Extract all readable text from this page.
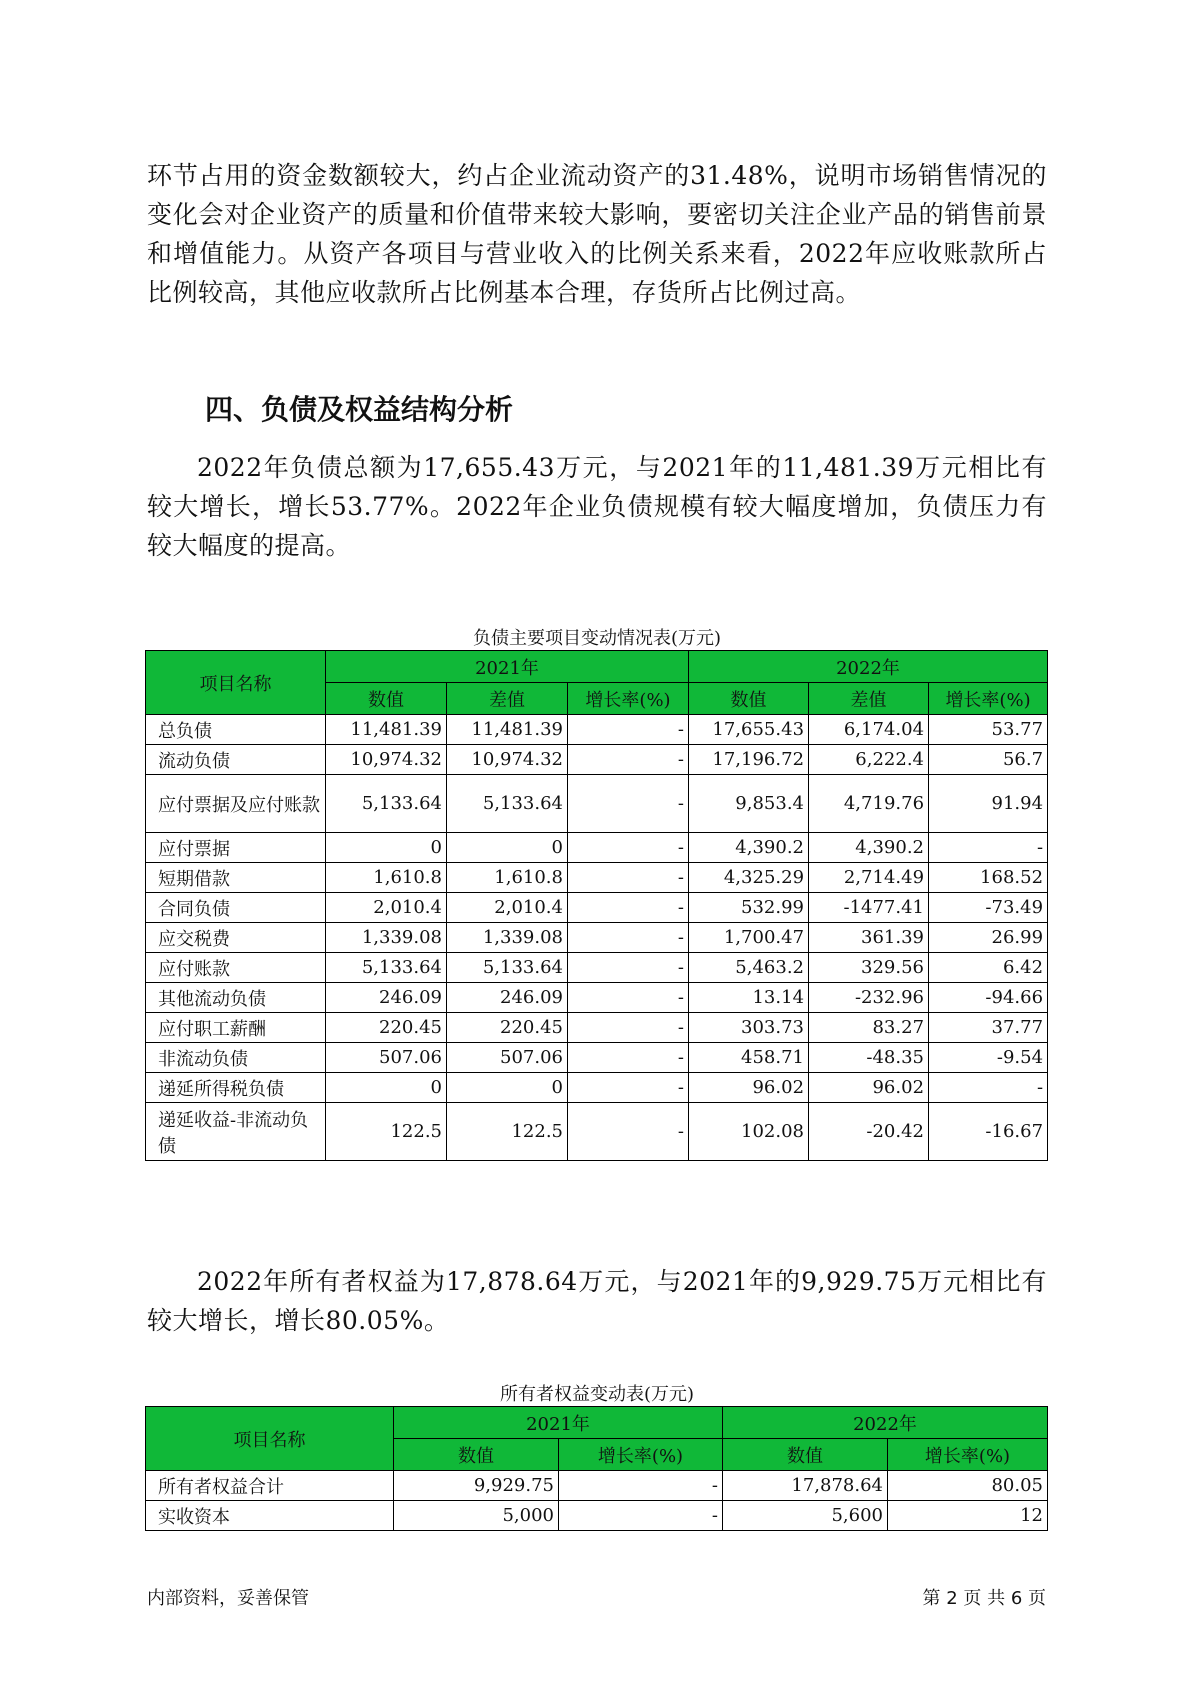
环节占用的资金数额较大，约占企业流动资产的31.48%，说明市场销售情况的变化会对企业资产的质量和价值带来较大影响，要密切关注企业产品的销售前景和增值能力。从资产各项目与营业收入的比例关系来看，2022年应收账款所占比例较高，其他应收款所占比例基本合理，存货所占比例过高。

四、负债及权益结构分析

2022年负债总额为17,655.43万元，与2021年的11,481.39万元相比有较大增长，增长53.77%。2022年企业负债规模有较大幅度增加，负债压力有较大幅度的提高。

负债主要项目变动情况表(万元)
项目名称	2021年			2022年		
	数值	差值	增长率(%)	数值	差值	增长率(%)
总负债	11,481.39	11,481.39	-	17,655.43	6,174.04	53.77
流动负债	10,974.32	10,974.32	-	17,196.72	6,222.4	56.7
应付票据及应付账款	5,133.64	5,133.64	-	9,853.4	4,719.76	91.94
应付票据	0	0	-	4,390.2	4,390.2	-
短期借款	1,610.8	1,610.8	-	4,325.29	2,714.49	168.52
合同负债	2,010.4	2,010.4	-	532.99	-1477.41	-73.49
应交税费	1,339.08	1,339.08	-	1,700.47	361.39	26.99
应付账款	5,133.64	5,133.64	-	5,463.2	329.56	6.42
其他流动负债	246.09	246.09	-	13.14	-232.96	-94.66
应付职工薪酬	220.45	220.45	-	303.73	83.27	37.77
非流动负债	507.06	507.06	-	458.71	-48.35	-9.54
递延所得税负债	0	0	-	96.02	96.02	-
递延收益-非流动负债	122.5	122.5	-	102.08	-20.42	-16.67

2022年所有者权益为17,878.64万元，与2021年的9,929.75万元相比有较大增长，增长80.05%。

所有者权益变动表(万元)
项目名称	2021年		2022年	
	数值	增长率(%)	数值	增长率(%)
所有者权益合计	9,929.75	-	17,878.64	80.05
实收资本	5,000	-	5,600	12
内部资料，妥善保管	第 2 页 共 6 页
